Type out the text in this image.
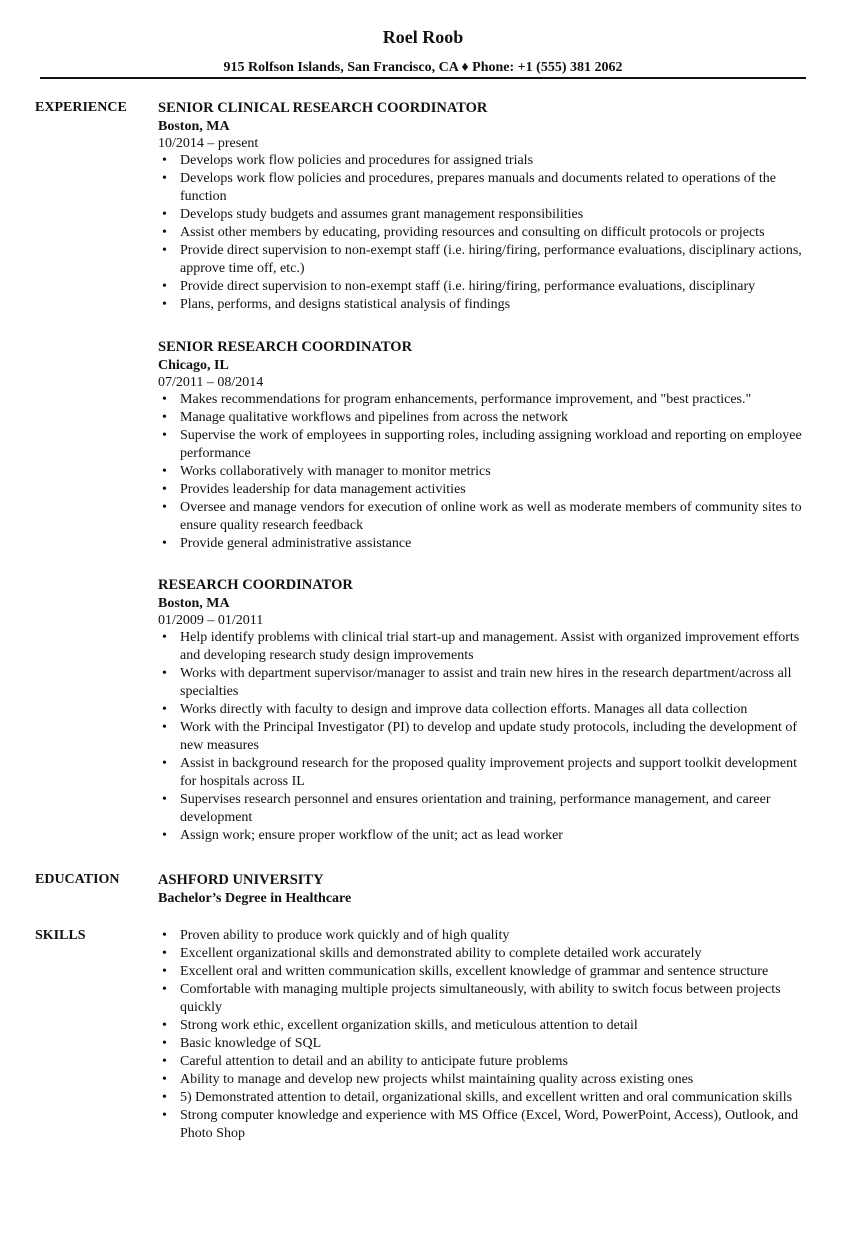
Roel Roob
915 Rolfson Islands, San Francisco, CA ♦ Phone: +1 (555) 381 2062
EXPERIENCE
EDUCATION
SKILLS
SENIOR CLINICAL RESEARCH COORDINATOR
Boston, MA
10/2014 – present
• Develops work flow policies and procedures for assigned trials
• Develops work flow policies and procedures, prepares manuals and documents related to operations of the function
• Develops study budgets and assumes grant management responsibilities
• Assist other members by educating, providing resources and consulting on difficult protocols or projects
• Provide direct supervision to non-exempt staff (i.e. hiring/firing, performance evaluations, disciplinary actions, approve time off, etc.)
• Provide direct supervision to non-exempt staff (i.e. hiring/firing, performance evaluations, disciplinary
• Plans, performs, and designs statistical analysis of findings
SENIOR RESEARCH COORDINATOR
Chicago, IL
07/2011 – 08/2014
• Makes recommendations for program enhancements, performance improvement, and "best practices."
• Manage qualitative workflows and pipelines from across the network
• Supervise the work of employees in supporting roles, including assigning workload and reporting on employee performance
• Works collaboratively with manager to monitor metrics
• Provides leadership for data management activities
• Oversee and manage vendors for execution of online work as well as moderate members of community sites to ensure quality research feedback
• Provide general administrative assistance
RESEARCH COORDINATOR
Boston, MA
01/2009 – 01/2011
• Help identify problems with clinical trial start-up and management. Assist with organized improvement efforts and developing research study design improvements
• Works with department supervisor/manager to assist and train new hires in the research department/across all specialties
• Works directly with faculty to design and improve data collection efforts. Manages all data collection
• Work with the Principal Investigator (PI) to develop and update study protocols, including the development of new measures
• Assist in background research for the proposed quality improvement projects and support toolkit development for hospitals across IL
• Supervises research personnel and ensures orientation and training, performance management, and career development
• Assign work; ensure proper workflow of the unit; act as lead worker
ASHFORD UNIVERSITY
Bachelor’s Degree in Healthcare
• Proven ability to produce work quickly and of high quality
• Excellent organizational skills and demonstrated ability to complete detailed work accurately
• Excellent oral and written communication skills, excellent knowledge of grammar and sentence structure
• Comfortable with managing multiple projects simultaneously, with ability to switch focus between projects quickly
• Strong work ethic, excellent organization skills, and meticulous attention to detail
• Basic knowledge of SQL
• Careful attention to detail and an ability to anticipate future problems
• Ability to manage and develop new projects whilst maintaining quality across existing ones
• 5) Demonstrated attention to detail, organizational skills, and excellent written and oral communication skills
• Strong computer knowledge and experience with MS Office (Excel, Word, PowerPoint, Access), Outlook, and Photo Shop
